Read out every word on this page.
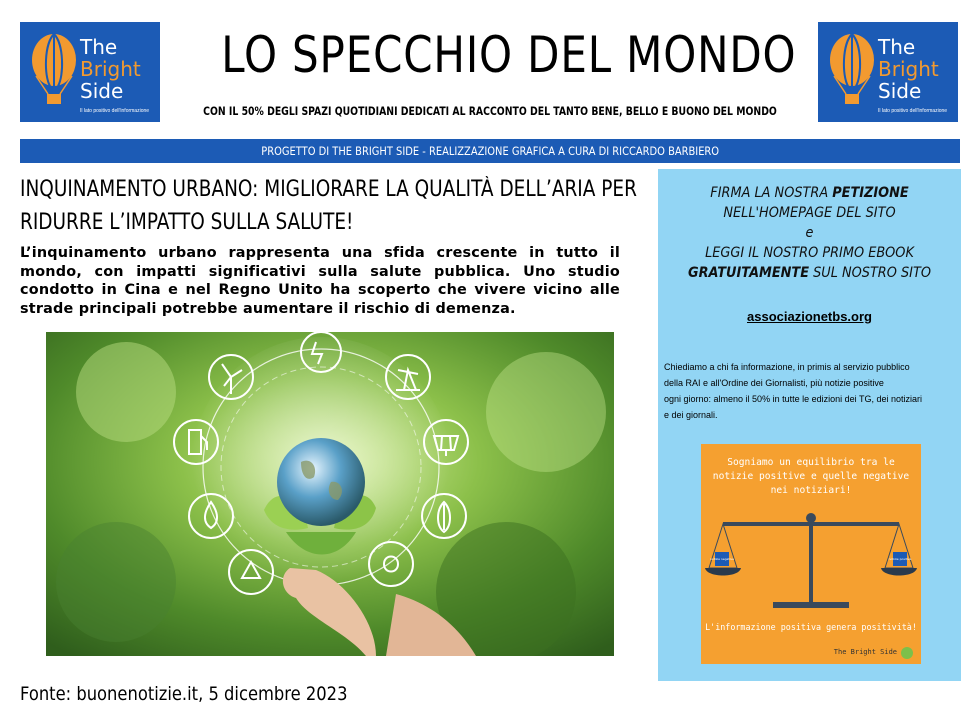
The
Bright
Side
Il lato positivo dell'informazione
The
Bright
Side
Il lato positivo dell'informazione
LO SPECCHIO DEL MONDO
CON IL 50% DEGLI SPAZI QUOTIDIANI DEDICATI AL RACCONTO DEL TANTO BENE, BELLO E BUONO DEL MONDO
PROGETTO DI THE BRIGHT SIDE - REALIZZAZIONE GRAFICA A CURA DI RICCARDO BARBIERO
INQUINAMENTO URBANO: MIGLIORARE LA QUALITÀ DELL’ARIA PER RIDURRE L’IMPATTO SULLA SALUTE!
L’inquinamento urbano rappresenta una sfida crescente in tutto il mondo, con impatti significativi sulla salute pubblica. Uno studio condotto in Cina e nel Regno Unito ha scoperto che vivere vicino alle strade principali potrebbe aumentare il rischio di demenza.
Fonte: buonenotizie.it, 5 dicembre 2023
FIRMA LA NOSTRA PETIZIONE
NELL'HOMEPAGE DEL SITO
e
LEGGI IL NOSTRO PRIMO EBOOK
GRATUITAMENTE SUL NOSTRO SITO
associazionetbs.org
Chiediamo a chi fa informazione, in primis al servizio pubblico
della RAI e all'Ordine dei Giornalisti, più notizie positive
ogni giorno: almeno il 50% in tutte le edizioni dei TG, dei notiziari
e dei giornali.
Sogniamo un equilibrio tra le
notizie positive e quelle negative
nei notiziari!
notizie negative	notizie positive
L'informazione positiva genera positività!
The Bright Side
